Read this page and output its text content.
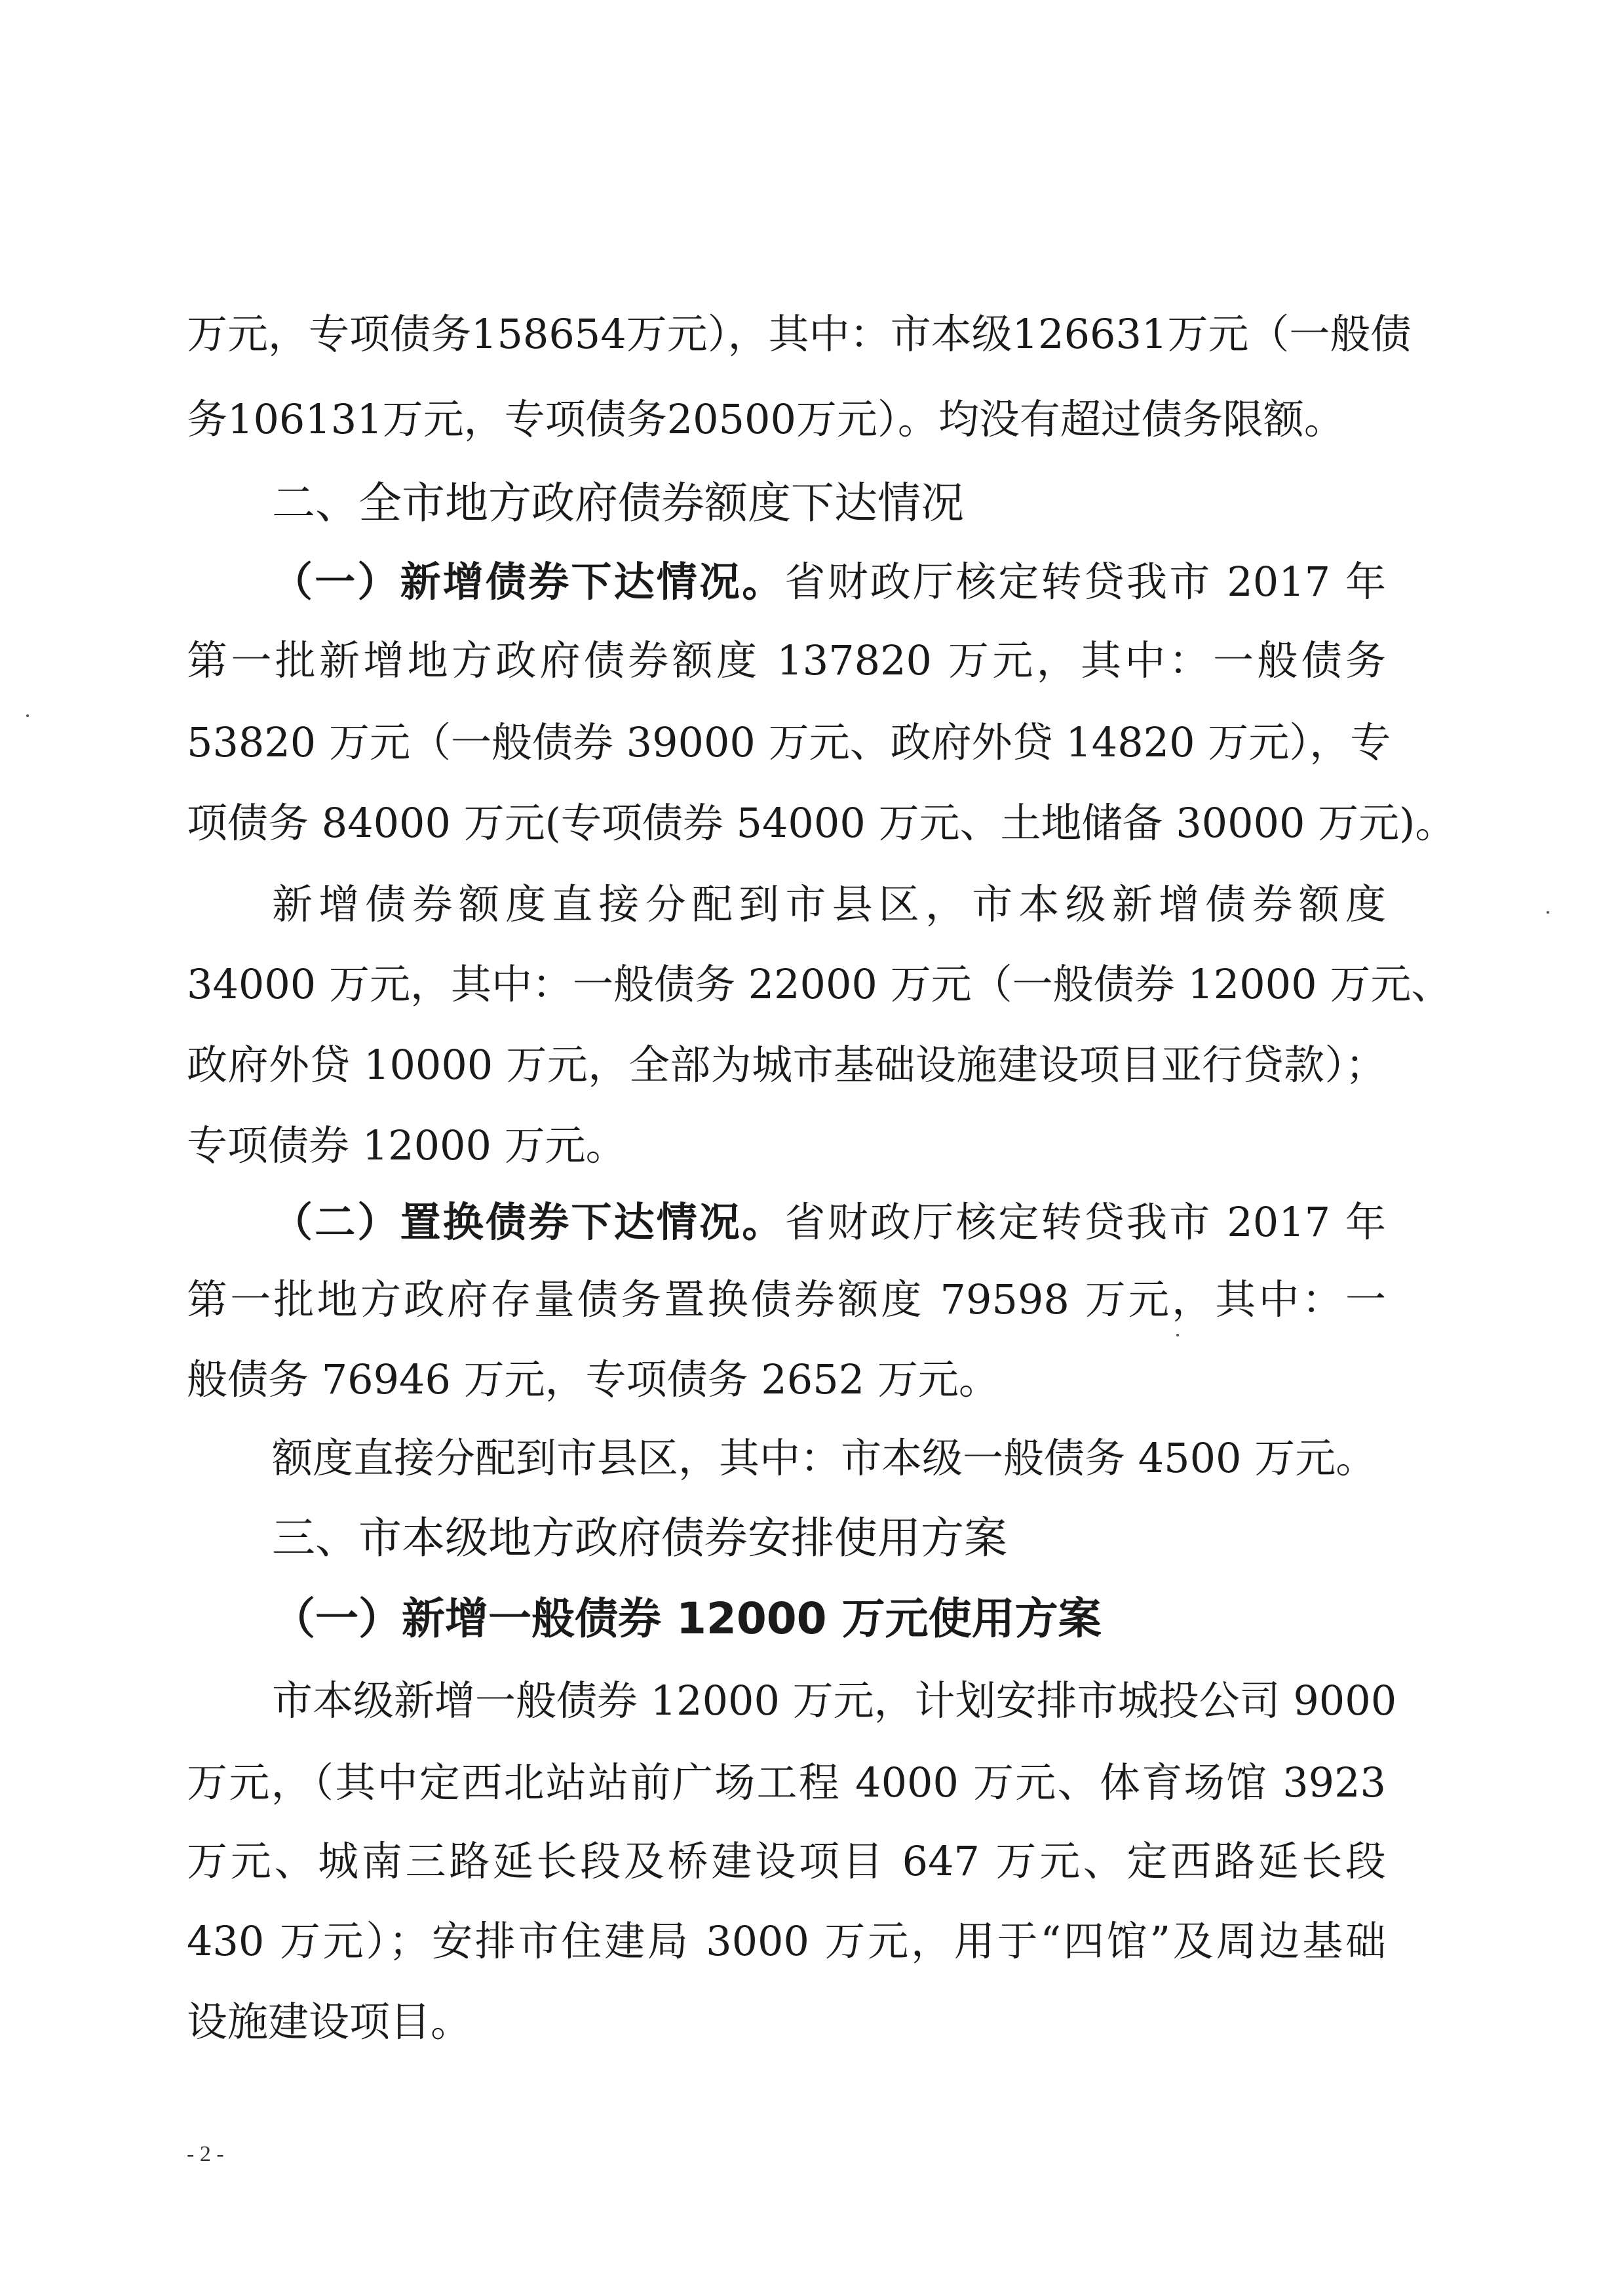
万元，专项债务158654万元），其中：市本级126631万元（一般债
务106131万元，专项债务20500万元）。均没有超过债务限额。
二、全市地方政府债券额度下达情况
（一）新增债券下达情况。省财政厅核定转贷我市 2017 年
第一批新增地方政府债券额度 137820 万元，其中：一般债务
53820 万元（一般债券 39000 万元、政府外贷 14820 万元），专
项债务 84000 万元(专项债券 54000 万元、土地储备 30000 万元)。
新增债券额度直接分配到市县区，市本级新增债券额度
34000 万元，其中：一般债务 22000 万元（一般债券 12000 万元、
政府外贷 10000 万元，全部为城市基础设施建设项目亚行贷款）；
专项债券 12000 万元。
（二）置换债券下达情况。省财政厅核定转贷我市 2017 年
第一批地方政府存量债务置换债券额度 79598 万元，其中：一
般债务 76946 万元，专项债务 2652 万元。
额度直接分配到市县区，其中：市本级一般债务 4500 万元。
三、市本级地方政府债券安排使用方案
（一）新增一般债券 12000 万元使用方案
市本级新增一般债券 12000 万元，计划安排市城投公司 9000
万元，（其中定西北站站前广场工程 4000 万元、体育场馆 3923
万元、城南三路延长段及桥建设项目 647 万元、定西路延长段
430 万元）；安排市住建局 3000 万元，用于“四馆”及周边基础
设施建设项目。
- 2 -
